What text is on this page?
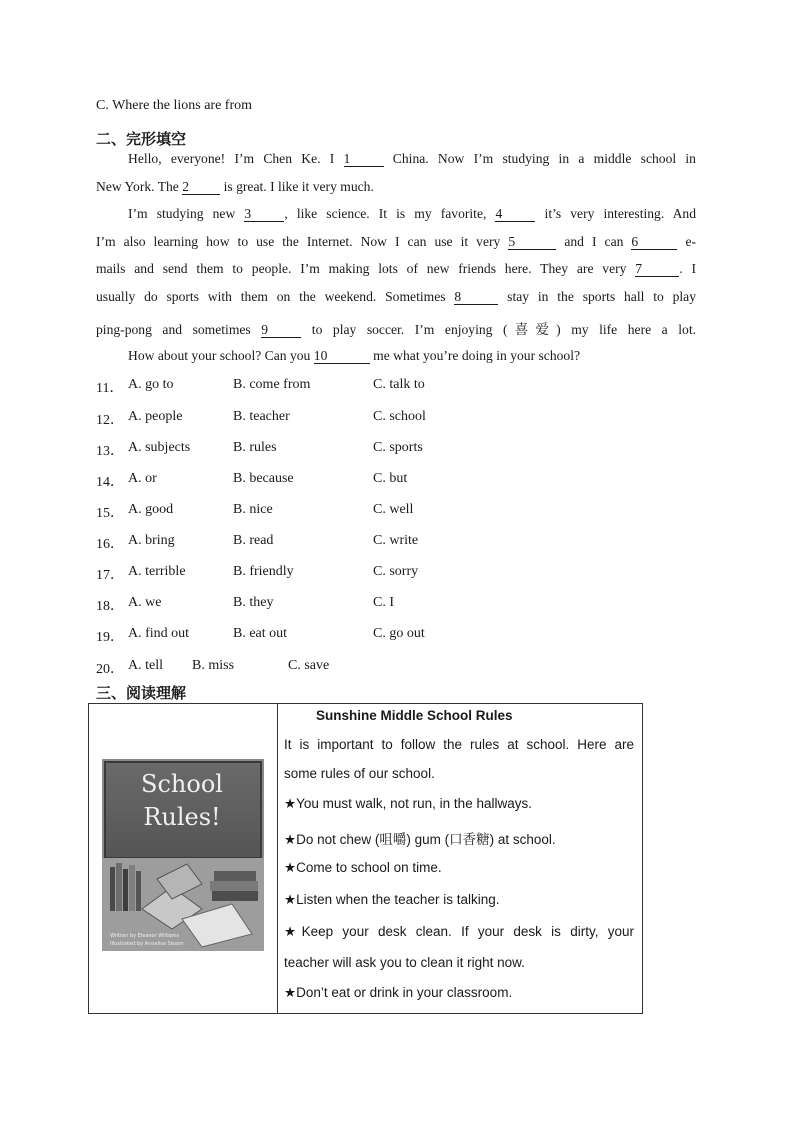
C. Where the lions are from
二、完形填空
Hello, everyone! I’m Chen Ke. I 1 China. Now I’m studying in a middle school in
New York. The 2 is great. I like it very much.
I’m studying new 3 , like science. It is my favorite, 4 it’s very interesting. And
I’m also learning how to use the Internet. Now I can use it very 5	and I can 6	e-
mails and send them to people. I’m making lots of new friends here. They are very 7	. I
usually do sports with them on the weekend. Sometimes 8	stay in the sports hall to play
ping-pong and sometimes 9 to play soccer. I’m enjoying (喜爱) my life here a lot.
How about your school? Can you 10	me what you’re doing in your school?
11． A. go to	B. come from	C. talk to
12． A. people	B. teacher	C. school
13． A. subjects	B. rules	C. sports
14． A. or	B. because	C. but
15． A. good	B. nice	C. well
16． A. bring	B. read	C. write
17． A. terrible	B. friendly	C. sorry
18． A. we	B. they	C. I
19． A. find out	B. eat out	C. go out
20． A. tell B. miss	C. save
三、阅读理解
School
Rules!
Written by Eleanor Williams
Illustrated by Annalisa Sisson
Sunshine Middle School Rules
It is important to follow the rules at school. Here are
some rules of our school.
★You must walk, not run, in the hallways.
★Do not chew (咀嚼) gum (口香糖) at school.
★Come to school on time.
★Listen when the teacher is talking.
★Keep your desk clean. If your desk is dirty, your
teacher will ask you to clean it right now.
★Don’t eat or drink in your classroom.
